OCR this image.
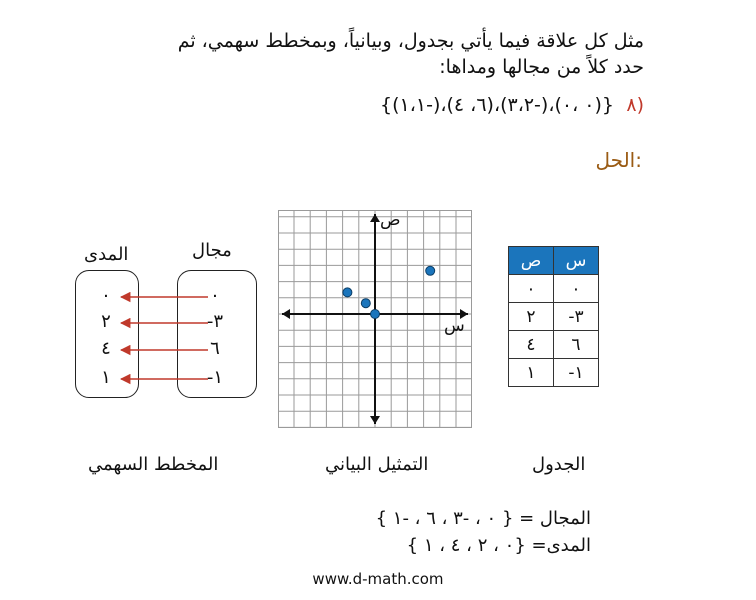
مثل كل علاقة فيما يأتي بجدول، وبيانياً، وبمخطط سهمي، ثم
حدد كلاً من مجالها ومداها:
٨)
{(٠ ،٠)،(-٣،٢)،(٦، ٤)،(-١،١)}
الحل:
مجال
المدى
٠
٢
٤
١
٠
-٣
٦
-١
المخطط السهمي
س
ص
التمثيل البياني
ص	س
٠	٠
٢	-٣
٤	٦
١	-١
الجدول
المجال = { ٠ ، -٣ ، ٦ ، -١ }
المدى= {٠ ، ٢ ، ٤ ، ١ }
www.d-math.com
